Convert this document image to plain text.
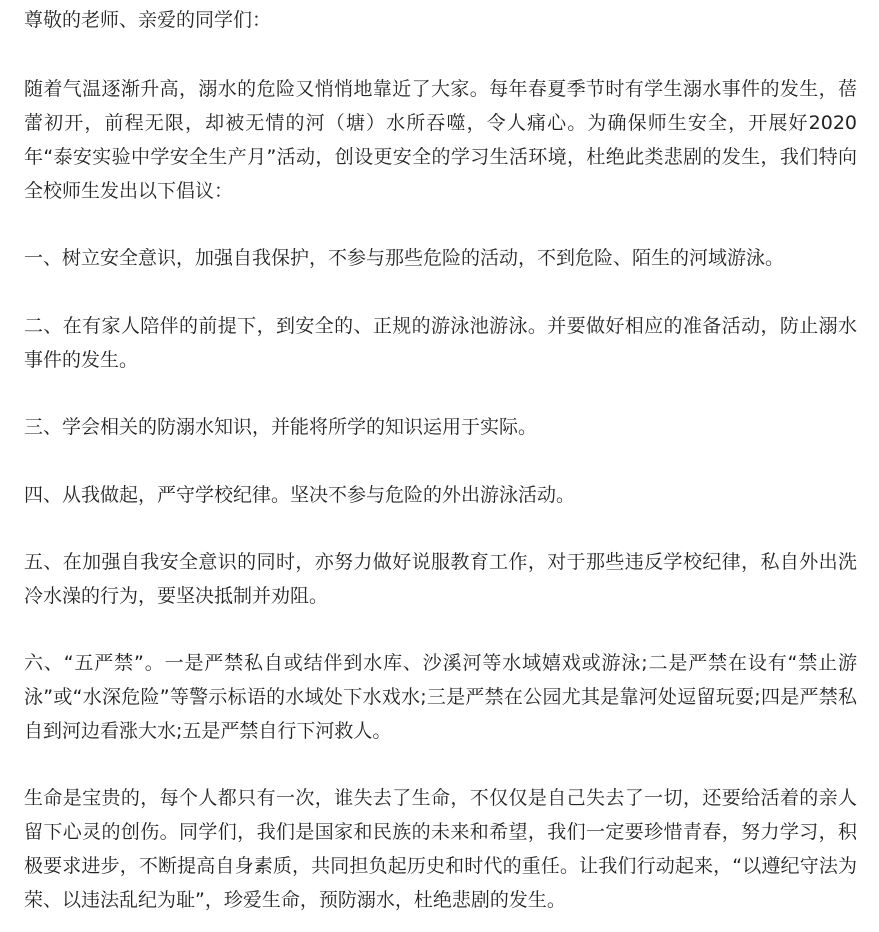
尊敬的老师、亲爱的同学们：

随着气温逐渐升高，溺水的危险又悄悄地靠近了大家。每年春夏季节时有学生溺水事件的发生，蓓蕾初开，前程无限，却被无情的河（塘）水所吞噬，令人痛心。为确保师生安全，开展好2020年“泰安实验中学安全生产月”活动，创设更安全的学习生活环境，杜绝此类悲剧的发生，我们特向全校师生发出以下倡议：

一、树立安全意识，加强自我保护，不参与那些危险的活动，不到危险、陌生的河域游泳。

二、在有家人陪伴的前提下，到安全的、正规的游泳池游泳。并要做好相应的准备活动，防止溺水事件的发生。

三、学会相关的防溺水知识，并能将所学的知识运用于实际。

四、从我做起，严守学校纪律。坚决不参与危险的外出游泳活动。

五、在加强自我安全意识的同时，亦努力做好说服教育工作，对于那些违反学校纪律，私自外出洗冷水澡的行为，要坚决抵制并劝阻。

六、“五严禁”。一是严禁私自或结伴到水库、沙溪河等水域嬉戏或游泳;二是严禁在设有“禁止游泳”或“水深危险”等警示标语的水域处下水戏水;三是严禁在公园尤其是靠河处逗留玩耍;四是严禁私自到河边看涨大水;五是严禁自行下河救人。

生命是宝贵的，每个人都只有一次，谁失去了生命，不仅仅是自己失去了一切，还要给活着的亲人留下心灵的创伤。同学们，我们是国家和民族的未来和希望，我们一定要珍惜青春，努力学习，积极要求进步，不断提高自身素质，共同担负起历史和时代的重任。让我们行动起来，“以遵纪守法为荣、以违法乱纪为耻”，珍爱生命，预防溺水，杜绝悲剧的发生。
